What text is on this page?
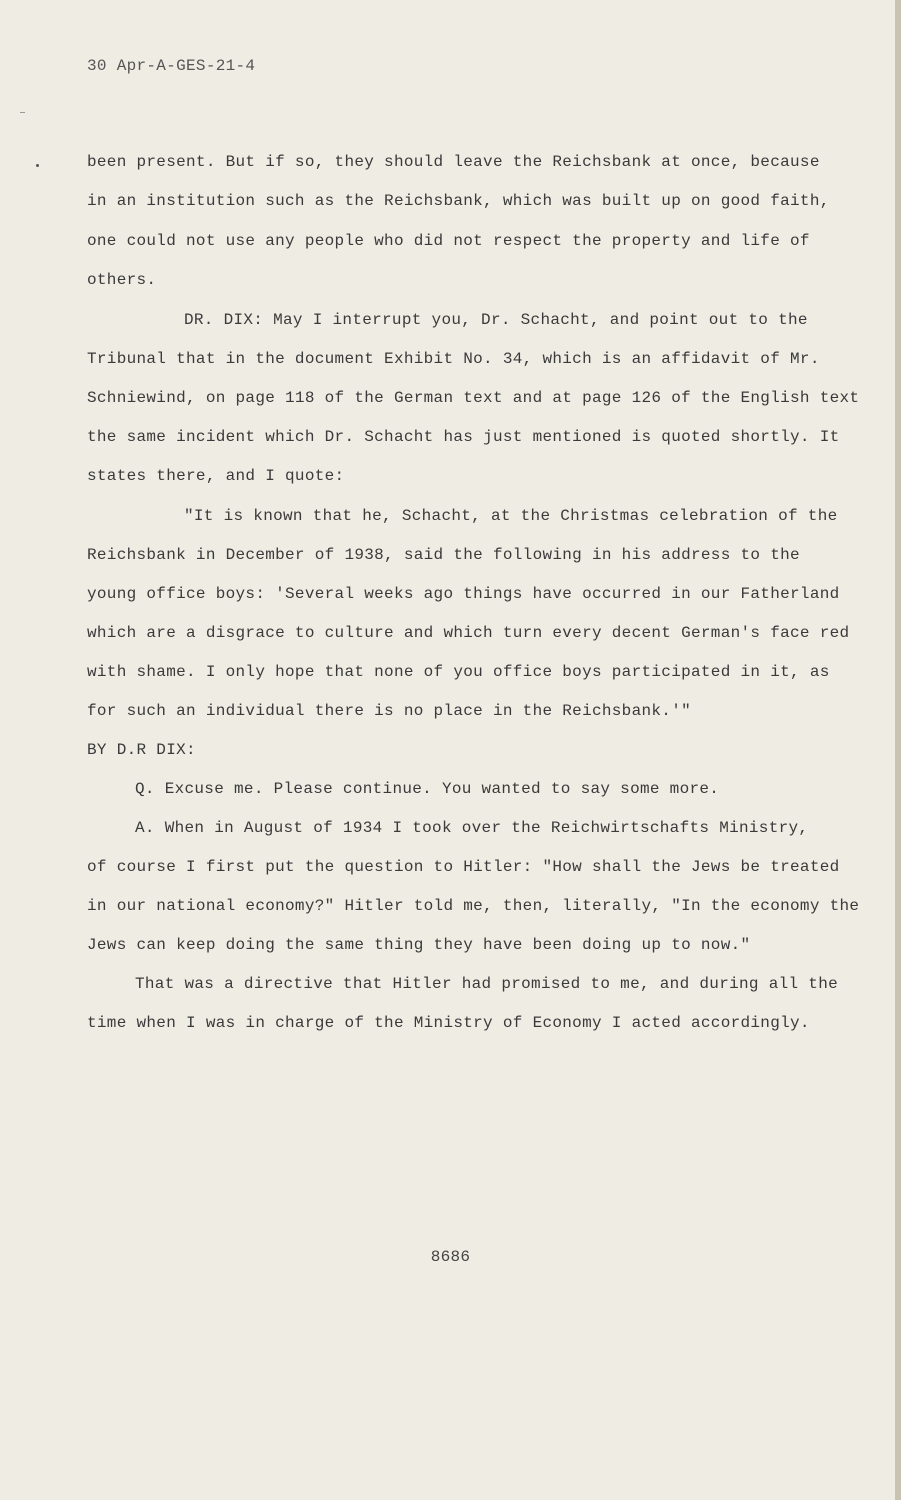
30 Apr-A-GES-21-4
been present. But if so, they should leave the Reichsbank at once, because
in an institution such as the Reichsbank, which was built up on good faith,
one could not use any people who did not respect the property and life of
others.
DR. DIX: May I interrupt you, Dr. Schacht, and point out to the
Tribunal that in the document Exhibit No. 34, which is an affidavit of Mr.
Schniewind, on page 118 of the German text and at page 126 of the English text
the same incident which Dr. Schacht has just mentioned is quoted shortly. It
states there, and I quote:
"It is known that he, Schacht, at the Christmas celebration of the
Reichsbank in December of 1938, said the following in his address to the
young office boys: 'Several weeks ago things have occurred in our Fatherland
which are a disgrace to culture and which turn every decent German's face red
with shame. I only hope that none of you office boys participated in it, as
for such an individual there is no place in the Reichsbank.'"
BY D.R DIX:
Q. Excuse me. Please continue. You wanted to say some more.
A. When in August of 1934 I took over the Reichwirtschafts Ministry,
of course I first put the question to Hitler: "How shall the Jews be treated
in our national economy?" Hitler told me, then, literally, "In the economy the
Jews can keep doing the same thing they have been doing up to now."
That was a directive that Hitler had promised to me, and during all the
time when I was in charge of the Ministry of Economy I acted accordingly.
8686
